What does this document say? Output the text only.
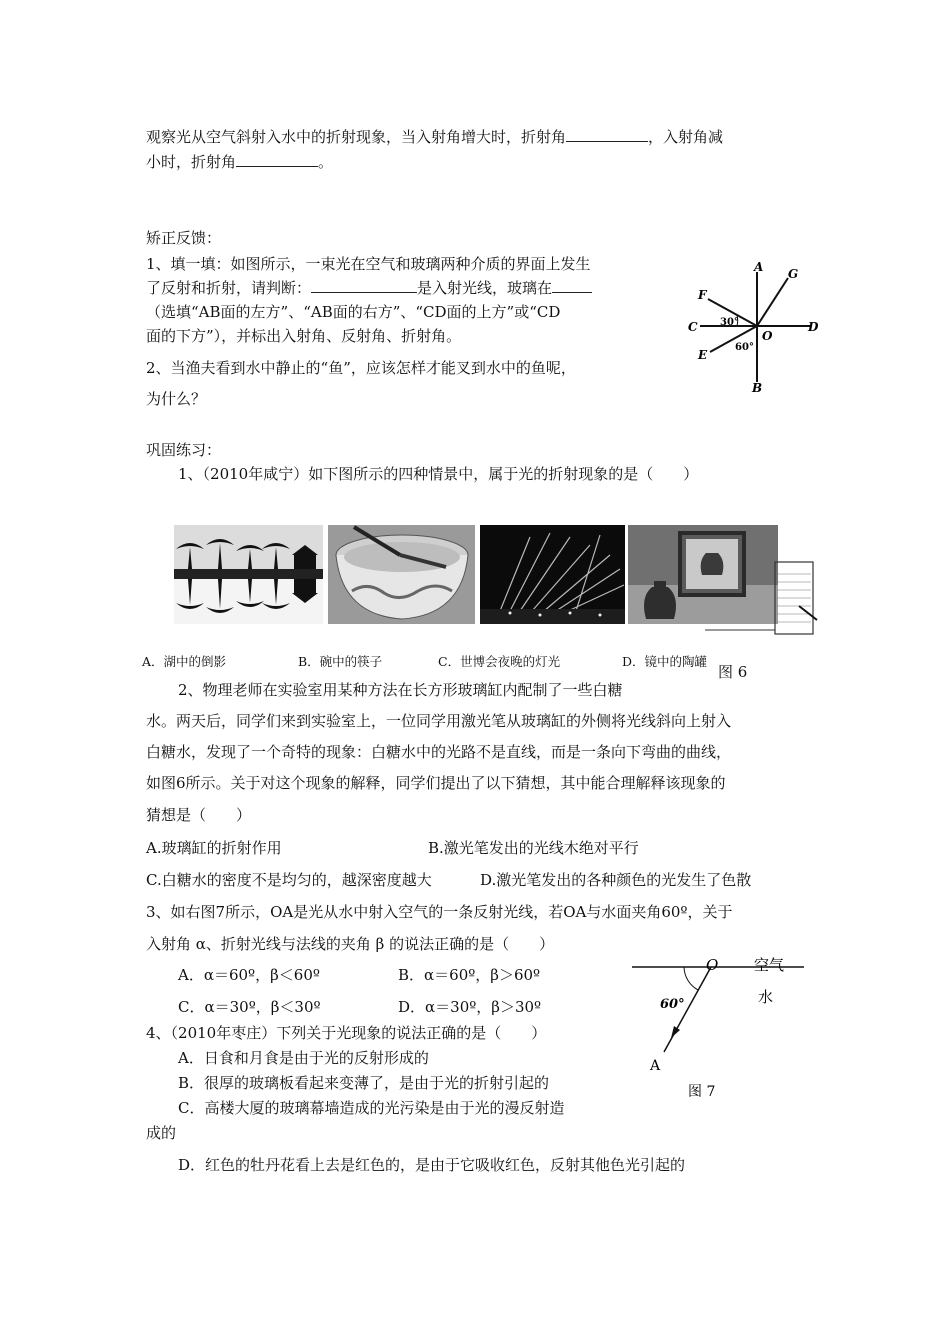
观察光从空气斜射入水中的折射现象，当入射角增大时，折射角	，入射角减
小时，折射角	。
矫正反馈：
1、填一填：如图所示，一束光在空气和玻璃两种介质的界面上发生
了反射和折射，请判断：	是入射光线，玻璃在
（选填“AB面的左方”、“AB面的右方”、“CD面的上方”或“CD
面的下方”），并标出入射角、反射角、折射角。
2、当渔夫看到水中静止的“鱼”，应该怎样才能叉到水中的鱼呢，
为什么？
A
B
C	D
E
F
G
O
30°
60°
巩固练习：
1、（2010年咸宁）如下图所示的四种情景中，属于光的折射现象的是（　　）
A．湖中的倒影	B．碗中的筷子	C．世博会夜晚的灯光	D．镜中的陶罐
图 6
2、物理老师在实验室用某种方法在长方形玻璃缸内配制了一些白糖
水。两天后，同学们来到实验室上，一位同学用激光笔从玻璃缸的外侧将光线斜向上射入
白糖水，发现了一个奇特的现象：白糖水中的光路不是直线，而是一条向下弯曲的曲线，
如图6所示。关于对这个现象的解释，同学们提出了以下猜想，其中能合理解释该现象的
猜想是（　　）
A.玻璃缸的折射作用	B.激光笔发出的光线木绝对平行
C.白糖水的密度不是均匀的，越深密度越大	D.激光笔发出的各种颜色的光发生了色散
3、如右图7所示，OA是光从水中射入空气的一条反射光线，若OA与水面夹角60º，关于
入射角 α、折射光线与法线的夹角 β 的说法正确的是（　　）
A．α＝60º，β＜60º	B．α＝60º，β＞60º
C．α＝30º，β＜30º	D．α＝30º，β＞30º
O
A
空气
水
60°
图 7
4、（2010年枣庄）下列关于光现象的说法正确的是（　　）
A．日食和月食是由于光的反射形成的
B．很厚的玻璃板看起来变薄了，是由于光的折射引起的
C．高楼大厦的玻璃幕墙造成的光污染是由于光的漫反射造
成的
D．红色的牡丹花看上去是红色的，是由于它吸收红色，反射其他色光引起的
